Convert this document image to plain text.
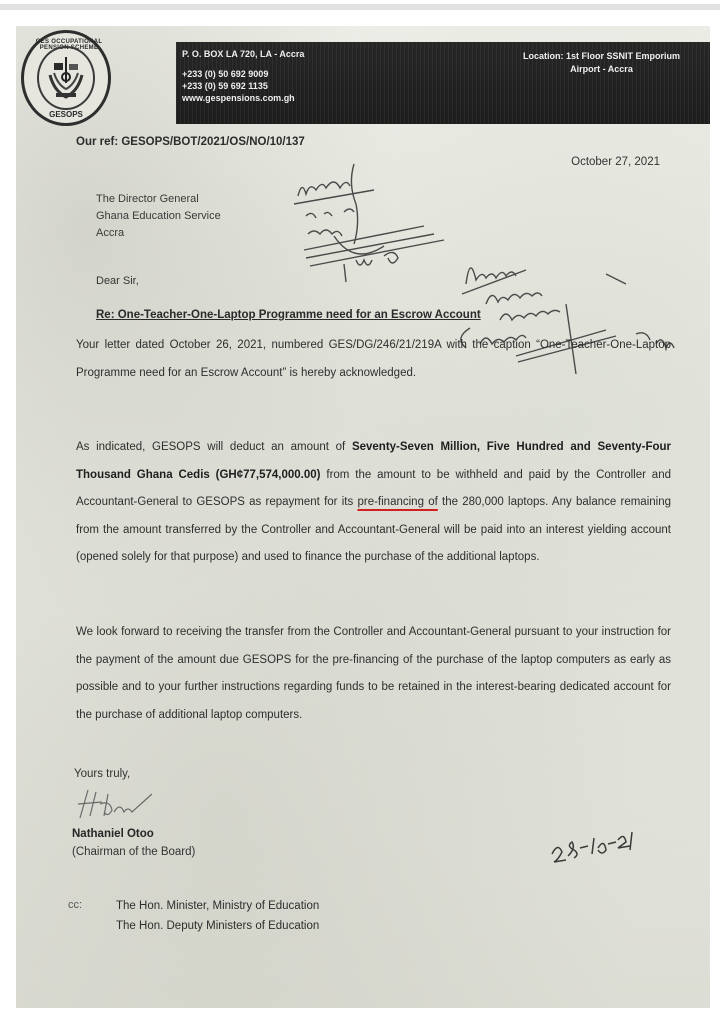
GES OCCUPATIONAL PENSION SCHEME
GESOPS
P. O. BOX LA 720, LA - Accra
+233 (0) 50 692 9009
+233 (0) 59 692 1135
www.gespensions.com.gh
Location: 1st Floor SSNIT Emporium
Airport - Accra
Our ref: GESOPS/BOT/2021/OS/NO/10/137
October 27, 2021
The Director General
Ghana Education Service
Accra
Dear Sir,
Re: One-Teacher-One-Laptop Programme need for an Escrow Account
Your letter dated October 26, 2021, numbered GES/DG/246/21/219A with the caption “One-Teacher-One-Laptop Programme need for an Escrow Account” is hereby acknowledged.
As indicated, GESOPS will deduct an amount of Seventy-Seven Million, Five Hundred and Seventy-Four Thousand Ghana Cedis (GH¢77,574,000.00) from the amount to be withheld and paid by the Controller and Accountant-General to GESOPS as repayment for its pre-financing of the 280,000 laptops. Any balance remaining from the amount transferred by the Controller and Accountant-General will be paid into an interest yielding account (opened solely for that purpose) and used to finance the purchase of the additional laptops.
We look forward to receiving the transfer from the Controller and Accountant-General pursuant to your instruction for the payment of the amount due GESOPS for the pre-financing of the purchase of the laptop computers as early as possible and to your further instructions regarding funds to be retained in the interest-bearing dedicated account for the purchase of additional laptop computers.
Yours truly,
Nathaniel Otoo
(Chairman of the Board)
cc:	The Hon. Minister, Ministry of Education
The Hon. Deputy Ministers of Education
